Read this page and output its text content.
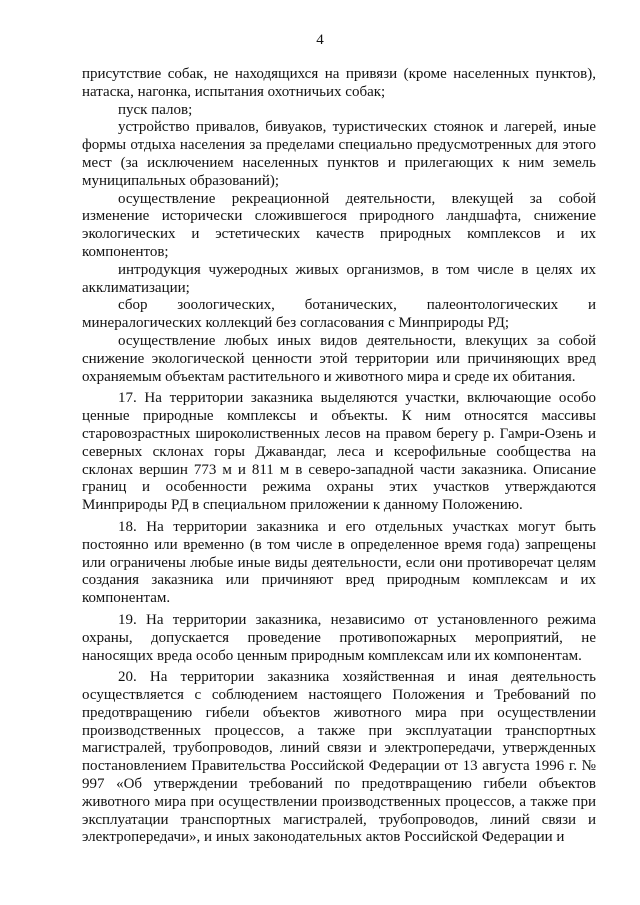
4

присутствие собак, не находящихся на привязи (кроме населенных пунктов), натаска, нагонка, испытания охотничьих собак;

пуск палов;

устройство привалов, бивуаков, туристических стоянок и лагерей, иные формы отдыха населения за пределами специально предусмотренных для этого мест (за исключением населенных пунктов и прилегающих к ним земель муниципальных образований);

осуществление рекреационной деятельности, влекущей за собой изменение исторически сложившегося природного ландшафта, снижение экологических и эстетических качеств природных комплексов и их компонентов;

интродукция чужеродных живых организмов, в том числе в целях их акклиматизации;

сбор зоологических, ботанических, палеонтологических и минералогических коллекций без согласования с Минприроды РД;

осуществление любых иных видов деятельности, влекущих за собой снижение экологической ценности этой территории или причиняющих вред охраняемым объектам растительного и животного мира и среде их обитания.

17. На территории заказника выделяются участки, включающие особо ценные природные комплексы и объекты. К ним относятся массивы старовозрастных широколиственных лесов на правом берегу р. Гамри-Озень и северных склонах горы Джавандаг, леса и ксерофильные сообщества на склонах вершин 773 м и 811 м в северо-западной части заказника. Описание границ и особенности режима охраны этих участков утверждаются Минприроды РД в специальном приложении к данному Положению.

18. На территории заказника и его отдельных участках могут быть постоянно или временно (в том числе в определенное время года) запрещены или ограничены любые иные виды деятельности, если они противоречат целям создания заказника или причиняют вред природным комплексам и их компонентам.

19. На территории заказника, независимо от установленного режима охраны, допускается проведение противопожарных мероприятий, не наносящих вреда особо ценным природным комплексам или их компонентам.

20. На территории заказника хозяйственная и иная деятельность осуществляется с соблюдением настоящего Положения и Требований по предотвращению гибели объектов животного мира при осуществлении производственных процессов, а также при эксплуатации транспортных магистралей, трубопроводов, линий связи и электропередачи, утвержденных постановлением Правительства Российской Федерации от 13 августа 1996 г. № 997 «Об утверждении требований по предотвращению гибели объектов животного мира при осуществлении производственных процессов, а также при эксплуатации транспортных магистралей, трубопроводов, линий связи и электропередачи», и иных законодательных актов Российской Федерации и
